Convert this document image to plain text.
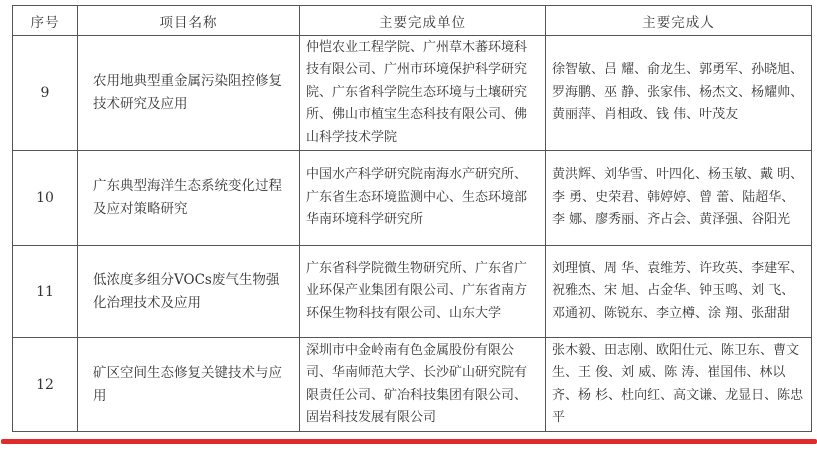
序号	项目名称	主要完成单位	主要完成人
9	农用地典型重金属污染阻控修复技术研究及应用	仲恺农业工程学院、广州草木蕃环境科技有限公司、广州市环境保护科学研究院、广东省科学院生态环境与土壤研究所、佛山市植宝生态科技有限公司、佛山科学技术学院	徐智敏、吕 耀、俞龙生、郭勇军、孙晓旭、罗海鹏、巫 静、张家伟、杨杰文、杨耀帅、黄丽萍、肖相政、钱 伟、叶茂友
10	广东典型海洋生态系统变化过程及应对策略研究	中国水产科学研究院南海水产研究所、广东省生态环境监测中心、生态环境部华南环境科学研究所	黄洪辉、刘华雪、叶四化、杨玉敏、戴 明、李 勇、史荣君、韩婷婷、曾 蕾、陆超华、李 娜、廖秀丽、齐占会、黄泽强、谷阳光
11	低浓度多组分VOCs废气生物强化治理技术及应用	广东省科学院微生物研究所、广东省广业环保产业集团有限公司、广东省南方环保生物科技有限公司、山东大学	刘理慎、周 华、袁维芳、许玫英、李建军、祝雅杰、宋 旭、占金华、钟玉鸣、刘 飞、邓通初、陈锐东、李立樽、涂 翔、张甜甜
12	矿区空间生态修复关键技术与应用	深圳市中金岭南有色金属股份有限公司、华南师范大学、长沙矿山研究院有限责任公司、矿冶科技集团有限公司、固岩科技发展有限公司	张木毅、田志刚、欧阳仕元、陈卫东、曹文生、王 俊、刘 威、陈 涛、崔国伟、林以齐、杨 杉、杜向红、高文谦、龙显日、陈忠平
